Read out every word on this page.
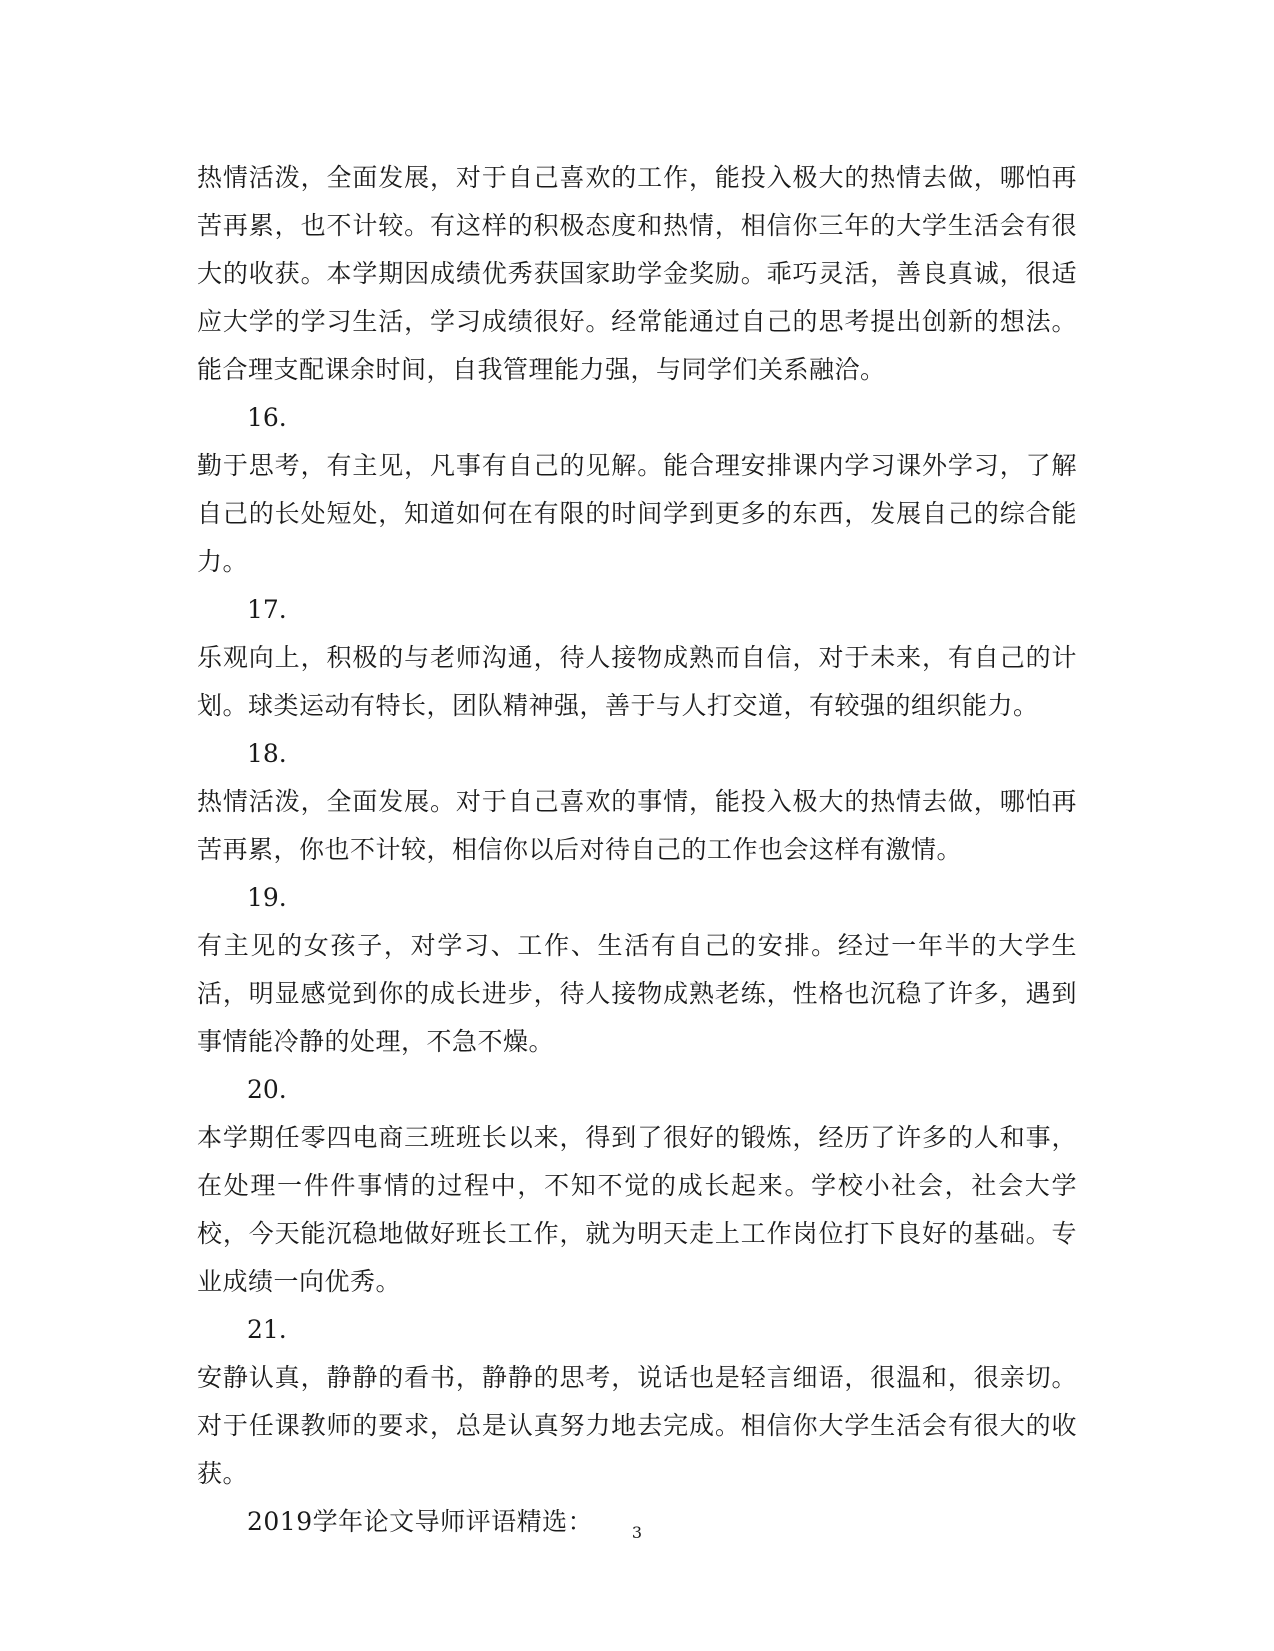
热情活泼，全面发展，对于自己喜欢的工作，能投入极大的热情去做，哪怕再苦再累，也不计较。有这样的积极态度和热情，相信你三年的大学生活会有很大的收获。本学期因成绩优秀获国家助学金奖励。乖巧灵活，善良真诚，很适应大学的学习生活，学习成绩很好。经常能通过自己的思考提出创新的想法。能合理支配课余时间，自我管理能力强，与同学们关系融洽。

16.

勤于思考，有主见，凡事有自己的见解。能合理安排课内学习课外学习，了解自己的长处短处，知道如何在有限的时间学到更多的东西，发展自己的综合能力。

17.

乐观向上，积极的与老师沟通，待人接物成熟而自信，对于未来，有自己的计划。球类运动有特长，团队精神强，善于与人打交道，有较强的组织能力。

18.

热情活泼，全面发展。对于自己喜欢的事情，能投入极大的热情去做，哪怕再苦再累，你也不计较，相信你以后对待自己的工作也会这样有激情。

19.

有主见的女孩子，对学习、工作、生活有自己的安排。经过一年半的大学生活，明显感觉到你的成长进步，待人接物成熟老练，性格也沉稳了许多，遇到事情能冷静的处理，不急不燥。

20.

本学期任零四电商三班班长以来，得到了很好的锻炼，经历了许多的人和事，在处理一件件事情的过程中，不知不觉的成长起来。学校小社会，社会大学校，今天能沉稳地做好班长工作，就为明天走上工作岗位打下良好的基础。专业成绩一向优秀。

21.

安静认真，静静的看书，静静的思考，说话也是轻言细语，很温和，很亲切。对于任课教师的要求，总是认真努力地去完成。相信你大学生活会有很大的收获。

2019学年论文导师评语精选：	3
